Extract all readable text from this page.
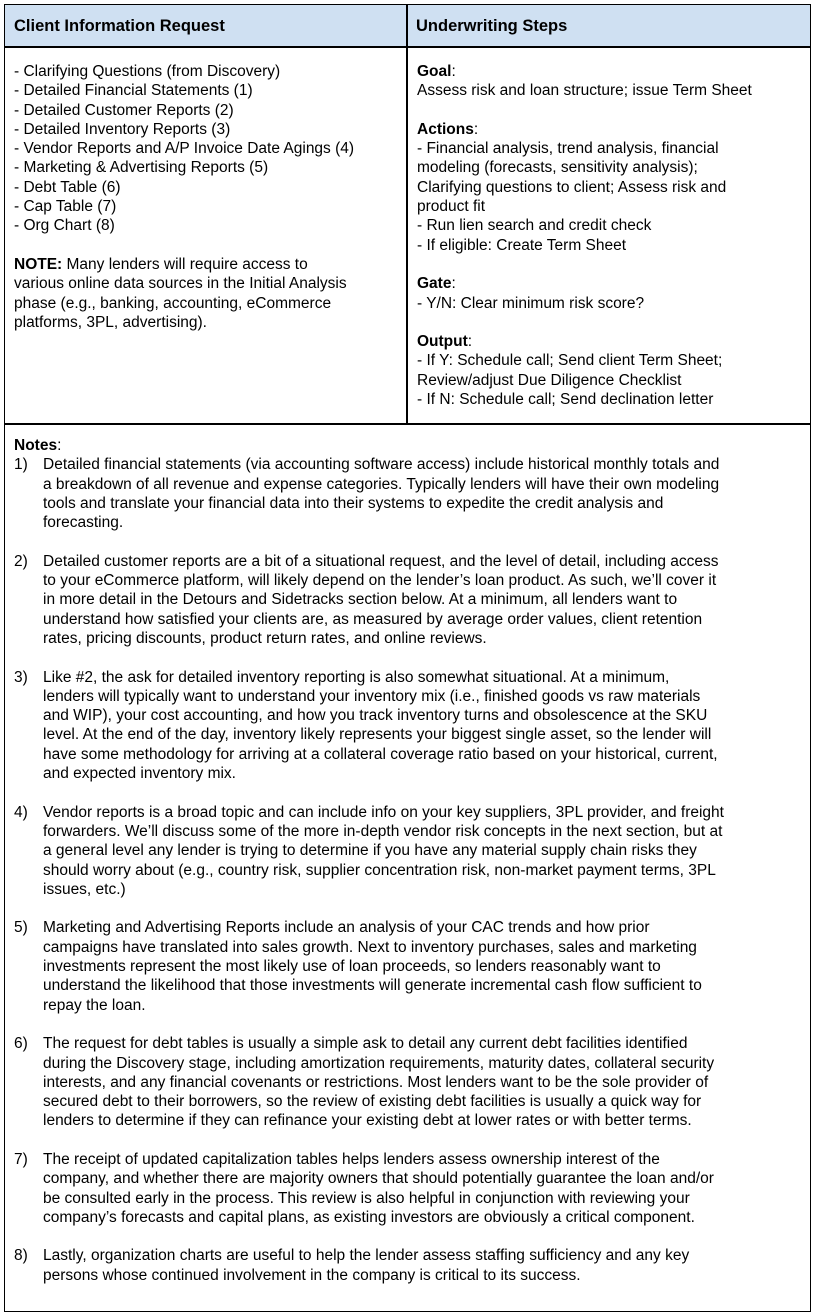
Client Information Request	Underwriting Steps
- Clarifying Questions (from Discovery)
- Detailed Financial Statements (1)
- Detailed Customer Reports (2)
- Detailed Inventory Reports (3)
- Vendor Reports and A/P Invoice Date Agings (4)
- Marketing & Advertising Reports (5)
- Debt Table (6)
- Cap Table (7)
- Org Chart (8)
NOTE: Many lenders will require access to
various online data sources in the Initial Analysis
phase (e.g., banking, accounting, eCommerce
platforms, 3PL, advertising).
Goal:
Assess risk and loan structure; issue Term Sheet
Actions:
- Financial analysis, trend analysis, financial
modeling (forecasts, sensitivity analysis);
Clarifying questions to client; Assess risk and
product fit
- Run lien search and credit check
- If eligible: Create Term Sheet
Gate:
- Y/N: Clear minimum risk score?
Output:
- If Y: Schedule call; Send client Term Sheet;
Review/adjust Due Diligence Checklist
- If N: Schedule call; Send declination letter
Notes:
1) Detailed financial statements (via accounting software access) include historical monthly totals and
a breakdown of all revenue and expense categories. Typically lenders will have their own modeling
tools and translate your financial data into their systems to expedite the credit analysis and
forecasting.
2) Detailed customer reports are a bit of a situational request, and the level of detail, including access
to your eCommerce platform, will likely depend on the lender’s loan product. As such, we’ll cover it
in more detail in the Detours and Sidetracks section below. At a minimum, all lenders want to
understand how satisfied your clients are, as measured by average order values, client retention
rates, pricing discounts, product return rates, and online reviews.
3) Like #2, the ask for detailed inventory reporting is also somewhat situational. At a minimum,
lenders will typically want to understand your inventory mix (i.e., finished goods vs raw materials
and WIP), your cost accounting, and how you track inventory turns and obsolescence at the SKU
level. At the end of the day, inventory likely represents your biggest single asset, so the lender will
have some methodology for arriving at a collateral coverage ratio based on your historical, current,
and expected inventory mix.
4) Vendor reports is a broad topic and can include info on your key suppliers, 3PL provider, and freight
forwarders. We’ll discuss some of the more in-depth vendor risk concepts in the next section, but at
a general level any lender is trying to determine if you have any material supply chain risks they
should worry about (e.g., country risk, supplier concentration risk, non-market payment terms, 3PL
issues, etc.)
5) Marketing and Advertising Reports include an analysis of your CAC trends and how prior
campaigns have translated into sales growth. Next to inventory purchases, sales and marketing
investments represent the most likely use of loan proceeds, so lenders reasonably want to
understand the likelihood that those investments will generate incremental cash flow sufficient to
repay the loan.
6) The request for debt tables is usually a simple ask to detail any current debt facilities identified
during the Discovery stage, including amortization requirements, maturity dates, collateral security
interests, and any financial covenants or restrictions. Most lenders want to be the sole provider of
secured debt to their borrowers, so the review of existing debt facilities is usually a quick way for
lenders to determine if they can refinance your existing debt at lower rates or with better terms.
7) The receipt of updated capitalization tables helps lenders assess ownership interest of the
company, and whether there are majority owners that should potentially guarantee the loan and/or
be consulted early in the process. This review is also helpful in conjunction with reviewing your
company’s forecasts and capital plans, as existing investors are obviously a critical component.
8) Lastly, organization charts are useful to help the lender assess staffing sufficiency and any key
persons whose continued involvement in the company is critical to its success.
